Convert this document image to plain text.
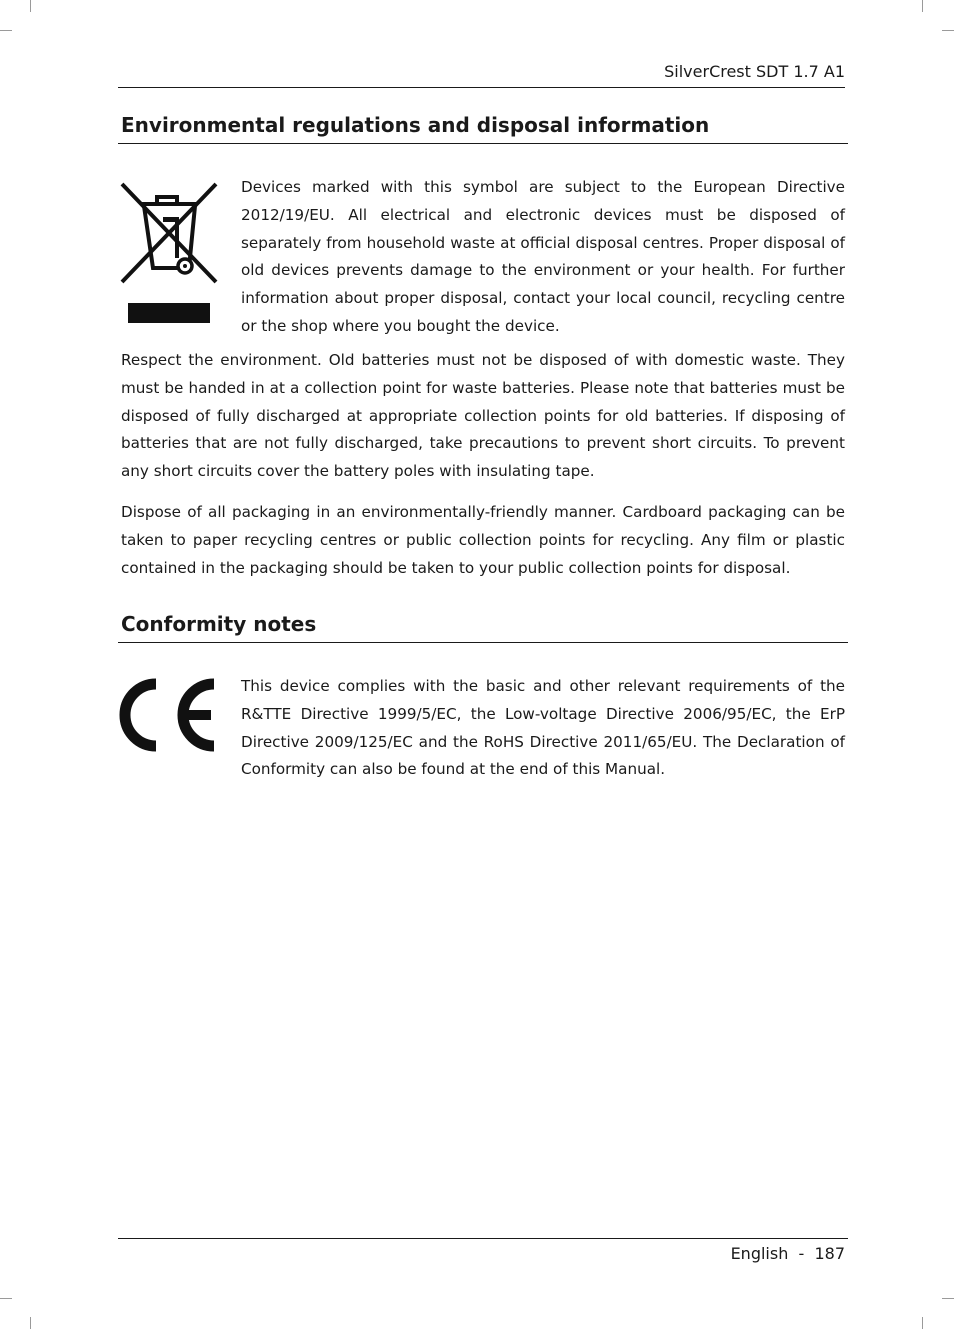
SilverCrest SDT 1.7 A1
Environmental regulations and disposal information

Devices marked with this symbol are subject to the European Directive 2012/19/EU. All electrical and electronic devices must be disposed of separately from household waste at official disposal centres. Proper disposal of old devices prevents damage to the environment or your health. For further information about proper disposal, contact your local council, recycling centre or the shop where you bought the device.

Respect the environment. Old batteries must not be disposed of with domestic waste. They must be handed in at a collection point for waste batteries. Please note that batteries must be disposed of fully discharged at appropriate collection points for old batteries. If disposing of batteries that are not fully discharged, take precautions to prevent short circuits. To prevent any short circuits cover the battery poles with insulating tape.

Dispose of all packaging in an environmentally-friendly manner. Cardboard packaging can be taken to paper recycling centres or public collection points for recycling. Any film or plastic contained in the packaging should be taken to your public collection points for disposal.

Conformity notes

This device complies with the basic and other relevant requirements of the R&TTE Directive 1999/5/EC, the Low-voltage Directive 2006/95/EC, the ErP Directive 2009/125/EC and the RoHS Directive 2011/65/EU. The Declaration of Conformity can also be found at the end of this Manual.

English  -  187
